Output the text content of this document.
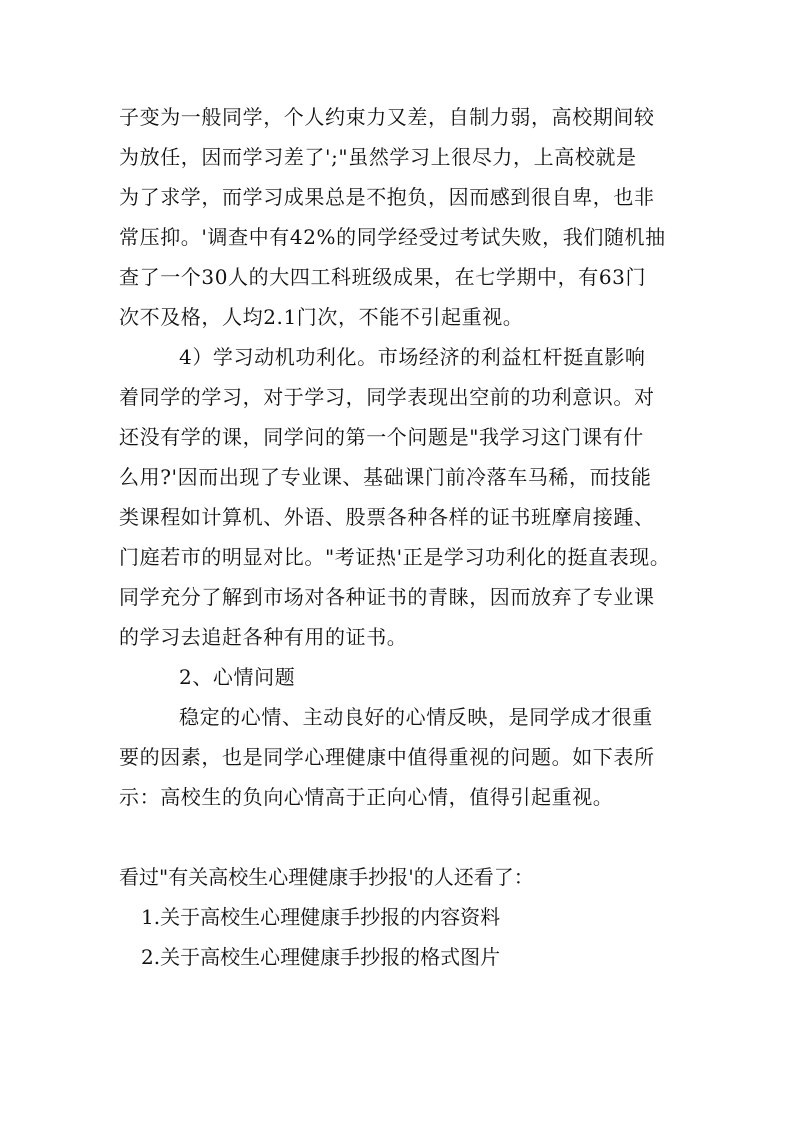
子变为一般同学，个人约束力又差，自制力弱，高校期间较
为放任，因而学习差了';"虽然学习上很尽力，上高校就是
为了求学，而学习成果总是不抱负，因而感到很自卑，也非
常压抑。'调查中有42%的同学经受过考试失败，我们随机抽
查了一个30人的大四工科班级成果，在七学期中，有63门
次不及格，人均2.1门次，不能不引起重视。
4）学习动机功利化。市场经济的利益杠杆挺直影响
着同学的学习，对于学习，同学表现出空前的功利意识。对
还没有学的课，同学问的第一个问题是"我学习这门课有什
么用?'因而出现了专业课、基础课门前冷落车马稀，而技能
类课程如计算机、外语、股票各种各样的证书班摩肩接踵、
门庭若市的明显对比。"考证热'正是学习功利化的挺直表现。
同学充分了解到市场对各种证书的青睐，因而放弃了专业课
的学习去追赶各种有用的证书。
2、心情问题
稳定的心情、主动良好的心情反映，是同学成才很重
要的因素，也是同学心理健康中值得重视的问题。如下表所
示：高校生的负向心情高于正向心情，值得引起重视。
看过"有关高校生心理健康手抄报'的人还看了：
1.关于高校生心理健康手抄报的内容资料
2.关于高校生心理健康手抄报的格式图片
